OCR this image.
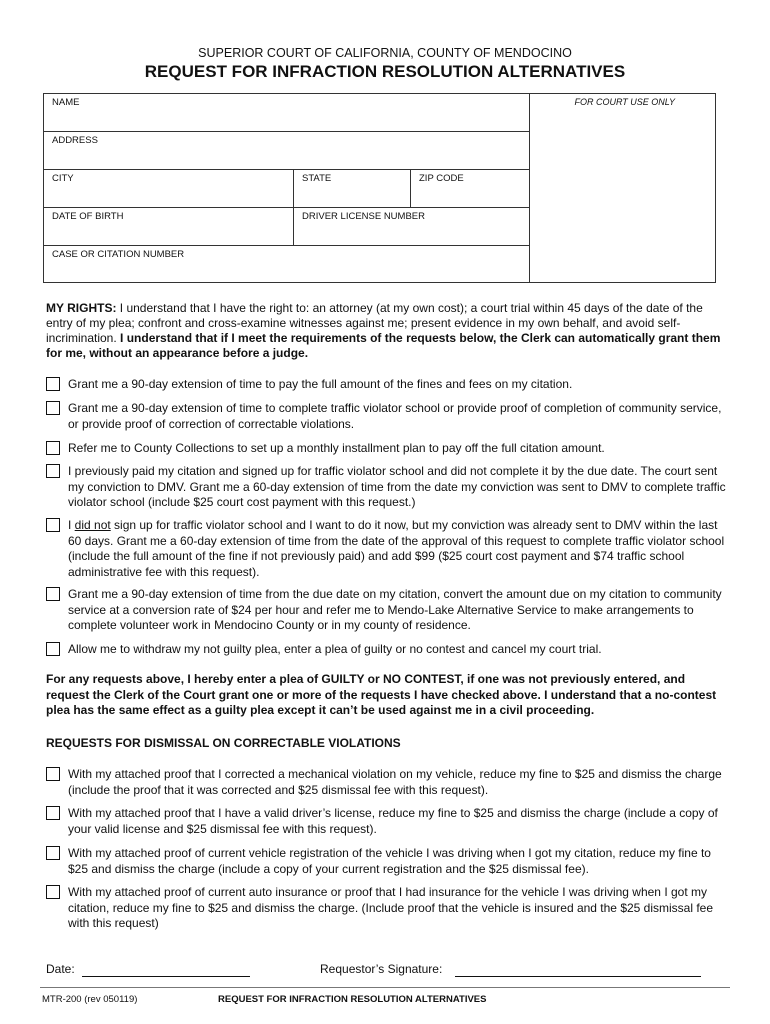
SUPERIOR COURT OF CALIFORNIA, COUNTY OF MENDOCINO
REQUEST FOR INFRACTION RESOLUTION ALTERNATIVES
NAME
ADDRESS
CITY	STATE	ZIP CODE
DATE OF BIRTH	DRIVER LICENSE NUMBER
CASE OR CITATION NUMBER
FOR COURT USE ONLY
MY RIGHTS: I understand that I have the right to: an attorney (at my own cost); a court trial within 45 days of the date of the entry of my plea; confront and cross-examine witnesses against me; present evidence in my own behalf, and avoid self-incrimination. I understand that if I meet the requirements of the requests below, the Clerk can automatically grant them for me, without an appearance before a judge.
Grant me a 90-day extension of time to pay the full amount of the fines and fees on my citation.
Grant me a 90-day extension of time to complete traffic violator school or provide proof of completion of community service, or provide proof of correction of correctable violations.
Refer me to County Collections to set up a monthly installment plan to pay off the full citation amount.
I previously paid my citation and signed up for traffic violator school and did not complete it by the due date. The court sent my conviction to DMV. Grant me a 60-day extension of time from the date my conviction was sent to DMV to complete traffic violator school (include $25 court cost payment with this request.)
I did not sign up for traffic violator school and I want to do it now, but my conviction was already sent to DMV within the last 60 days. Grant me a 60-day extension of time from the date of the approval of this request to complete traffic violator school (include the full amount of the fine if not previously paid) and add $99 ($25 court cost payment and $74 traffic school administrative fee with this request).
Grant me a 90-day extension of time from the due date on my citation, convert the amount due on my citation to community service at a conversion rate of $24 per hour and refer me to Mendo-Lake Alternative Service to make arrangements to complete volunteer work in Mendocino County or in my county of residence.
Allow me to withdraw my not guilty plea, enter a plea of guilty or no contest and cancel my court trial.
For any requests above, I hereby enter a plea of GUILTY or NO CONTEST, if one was not previously entered, and request the Clerk of the Court grant one or more of the requests I have checked above. I understand that a no-contest plea has the same effect as a guilty plea except it can’t be used against me in a civil proceeding.
REQUESTS FOR DISMISSAL ON CORRECTABLE VIOLATIONS
With my attached proof that I corrected a mechanical violation on my vehicle, reduce my fine to $25 and dismiss the charge (include the proof that it was corrected and $25 dismissal fee with this request).
With my attached proof that I have a valid driver’s license, reduce my fine to $25 and dismiss the charge (include a copy of your valid license and $25 dismissal fee with this request).
With my attached proof of current vehicle registration of the vehicle I was driving when I got my citation, reduce my fine to $25 and dismiss the charge (include a copy of your current registration and the $25 dismissal fee).
With my attached proof of current auto insurance or proof that I had insurance for the vehicle I was driving when I got my citation, reduce my fine to $25 and dismiss the charge. (Include proof that the vehicle is insured and the $25 dismissal fee with this request)
Date:	Requestor’s Signature:
MTR-200 (rev 050119)	REQUEST FOR INFRACTION RESOLUTION ALTERNATIVES
